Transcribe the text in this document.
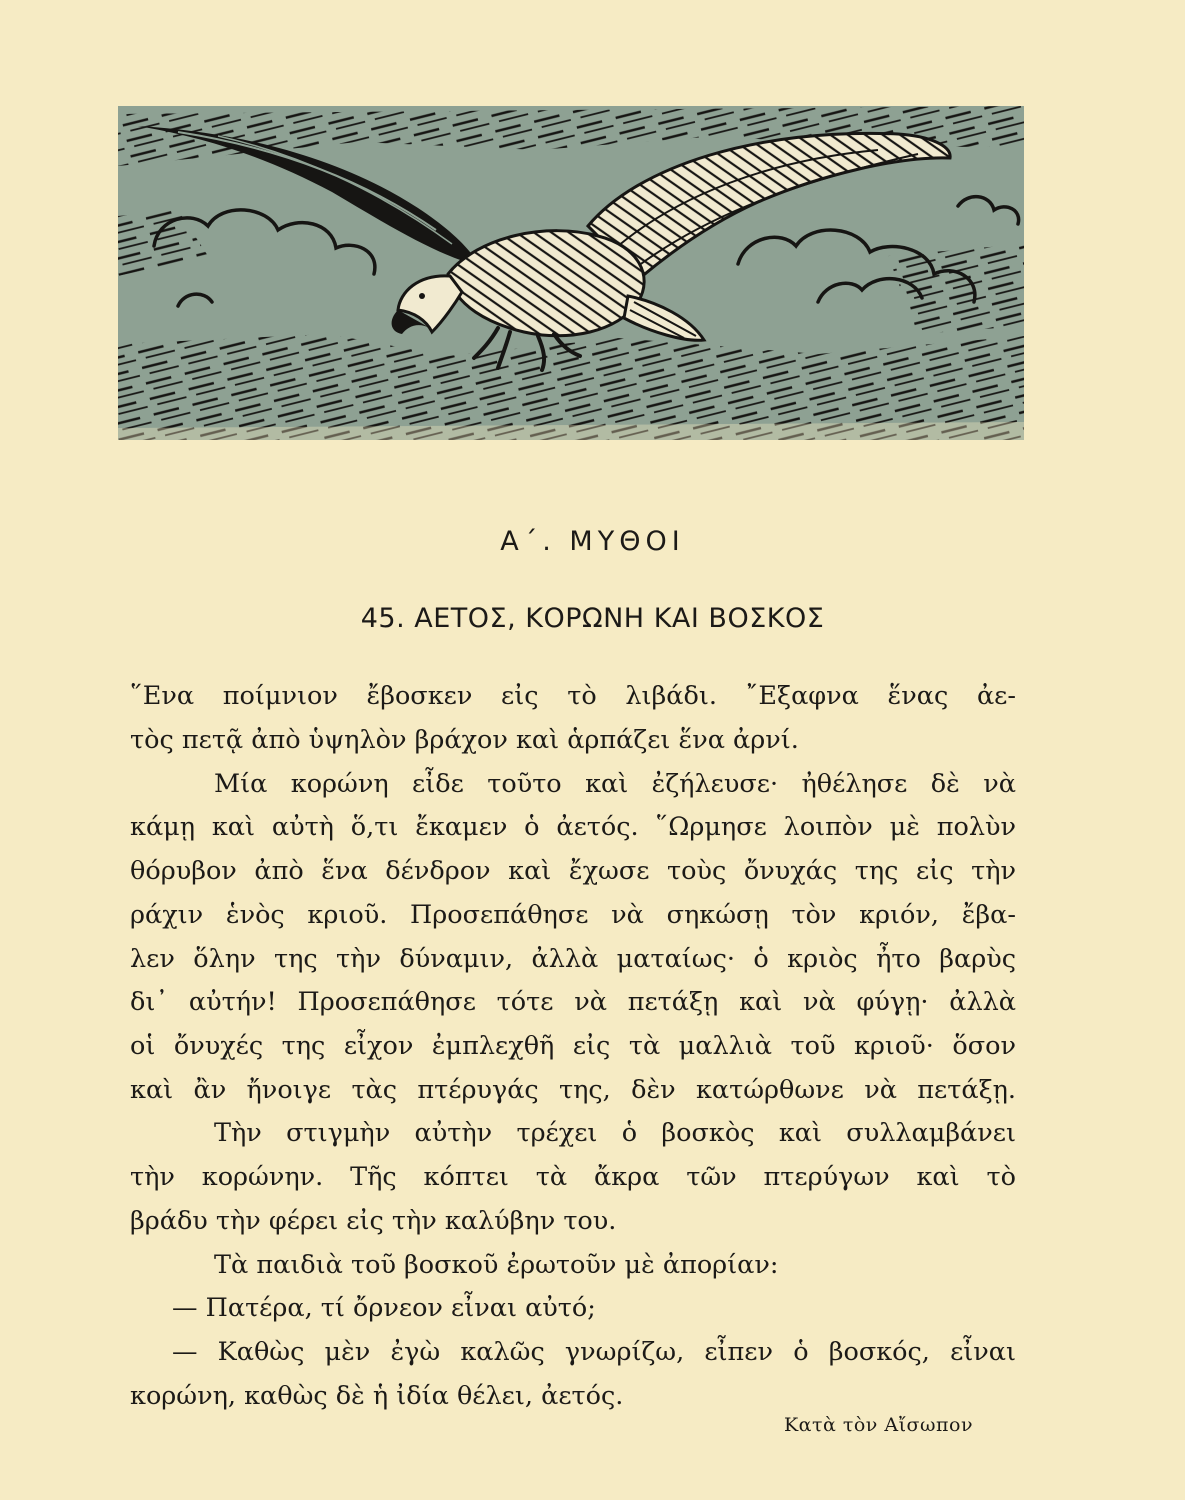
Α΄. ΜΥΘΟΙ
45. ΑΕΤΟΣ, ΚΟΡΩΝΗ ΚΑΙ ΒΟΣΚΟΣ
῞Ενα ποίμνιον ἔβοσκεν εἰς τὸ λιβάδι. ῎Εξαφνα ἕνας ἀε-
τὸς πετᾷ ἀπὸ ὑψηλὸν βράχον καὶ ἁρπάζει ἕνα ἀρνί.
Μία κορώνη εἶδε τοῦτο καὶ ἐζήλευσε· ἠθέλησε δὲ νὰ
κάμῃ καὶ αὐτὴ ὅ,τι ἔκαμεν ὁ ἀετός. ῞Ωρμησε λοιπὸν μὲ πολὺν
θόρυβον ἀπὸ ἕνα δένδρον καὶ ἔχωσε τοὺς ὄνυχάς της εἰς τὴν
ράχιν ἑνὸς κριοῦ. Προσεπάθησε νὰ σηκώσῃ τὸν κριόν, ἔβα-
λεν ὅλην της τὴν δύναμιν, ἀλλὰ ματαίως· ὁ κριὸς ἦτο βαρὺς
δι᾽ αὐτήν! Προσεπάθησε τότε νὰ πετάξῃ καὶ νὰ φύγῃ· ἀλλὰ
οἱ ὄνυχές της εἶχον ἐμπλεχθῆ εἰς τὰ μαλλιὰ τοῦ κριοῦ· ὅσον
καὶ ἂν ἤνοιγε τὰς πτέρυγάς της, δὲν κατώρθωνε νὰ πετάξῃ.
Τὴν στιγμὴν αὐτὴν τρέχει ὁ βοσκὸς καὶ συλλαμβάνει
τὴν κορώνην. Τῆς κόπτει τὰ ἄκρα τῶν πτερύγων καὶ τὸ
βράδυ τὴν φέρει εἰς τὴν καλύβην του.
Τὰ παιδιὰ τοῦ βοσκοῦ ἐρωτοῦν μὲ ἀπορίαν:
— Πατέρα, τί ὄρνεον εἶναι αὐτό;
— Καθὼς μὲν ἐγὼ καλῶς γνωρίζω, εἶπεν ὁ βοσκός, εἶναι
κορώνη, καθὼς δὲ ἡ ἰδία θέλει, ἀετός.
Κατὰ τὸν Αἴσωπον
